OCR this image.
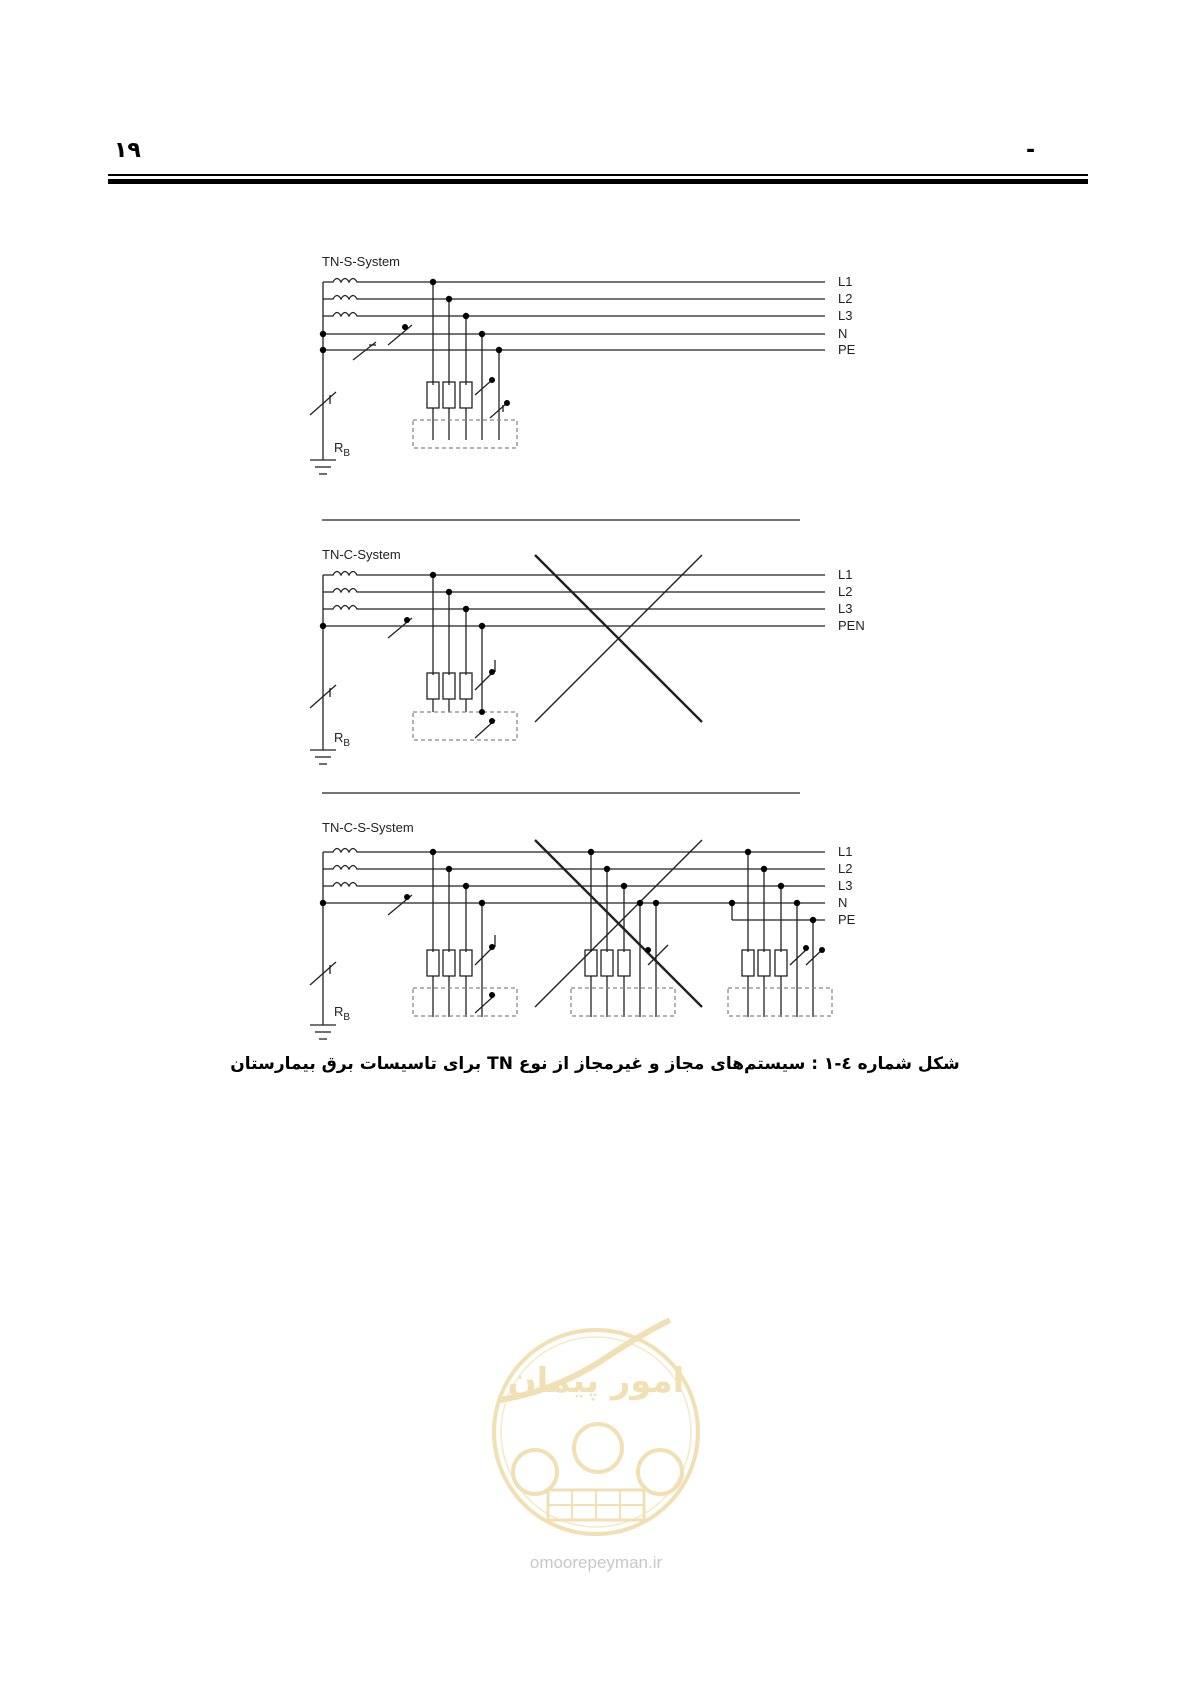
۱۹	-
TN-S-System
L1
L2
L3
N
PE
$R_B$
TN-C-System
L1
L2
L3
PEN
$R_B$
TN-C-S-System
L1
L2
L3
N
PE
$R_B$
امور پیمان
omoorepeyman.ir
شکل شماره ٤-١ : سیستم‌های مجاز و غیرمجاز از نوع TN برای تاسیسات برق بیمارستان
